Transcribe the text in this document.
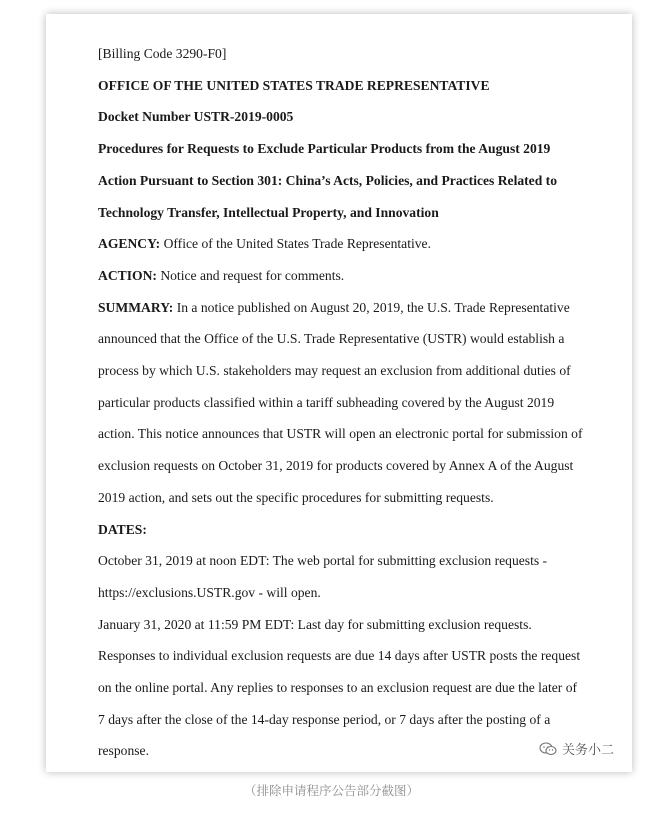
[Billing Code 3290-F0]
OFFICE OF THE UNITED STATES TRADE REPRESENTATIVE
Docket Number USTR-2019-0005
Procedures for Requests to Exclude Particular Products from the August 2019
Action Pursuant to Section 301: China’s Acts, Policies, and Practices Related to
Technology Transfer, Intellectual Property, and Innovation
AGENCY: Office of the United States Trade Representative.
ACTION: Notice and request for comments.
SUMMARY: In a notice published on August 20, 2019, the U.S. Trade Representative
announced that the Office of the U.S. Trade Representative (USTR) would establish a
process by which U.S. stakeholders may request an exclusion from additional duties of
particular products classified within a tariff subheading covered by the August 2019
action. This notice announces that USTR will open an electronic portal for submission of
exclusion requests on October 31, 2019 for products covered by Annex A of the August
2019 action, and sets out the specific procedures for submitting requests.
DATES:
October 31, 2019 at noon EDT: The web portal for submitting exclusion requests -
https://exclusions.USTR.gov - will open.
January 31, 2020 at 11:59 PM EDT: Last day for submitting exclusion requests.
Responses to individual exclusion requests are due 14 days after USTR posts the request
on the online portal. Any replies to responses to an exclusion request are due the later of
7 days after the close of the 14-day response period, or 7 days after the posting of a
response.	关务小二
（排除申请程序公告部分截图）
